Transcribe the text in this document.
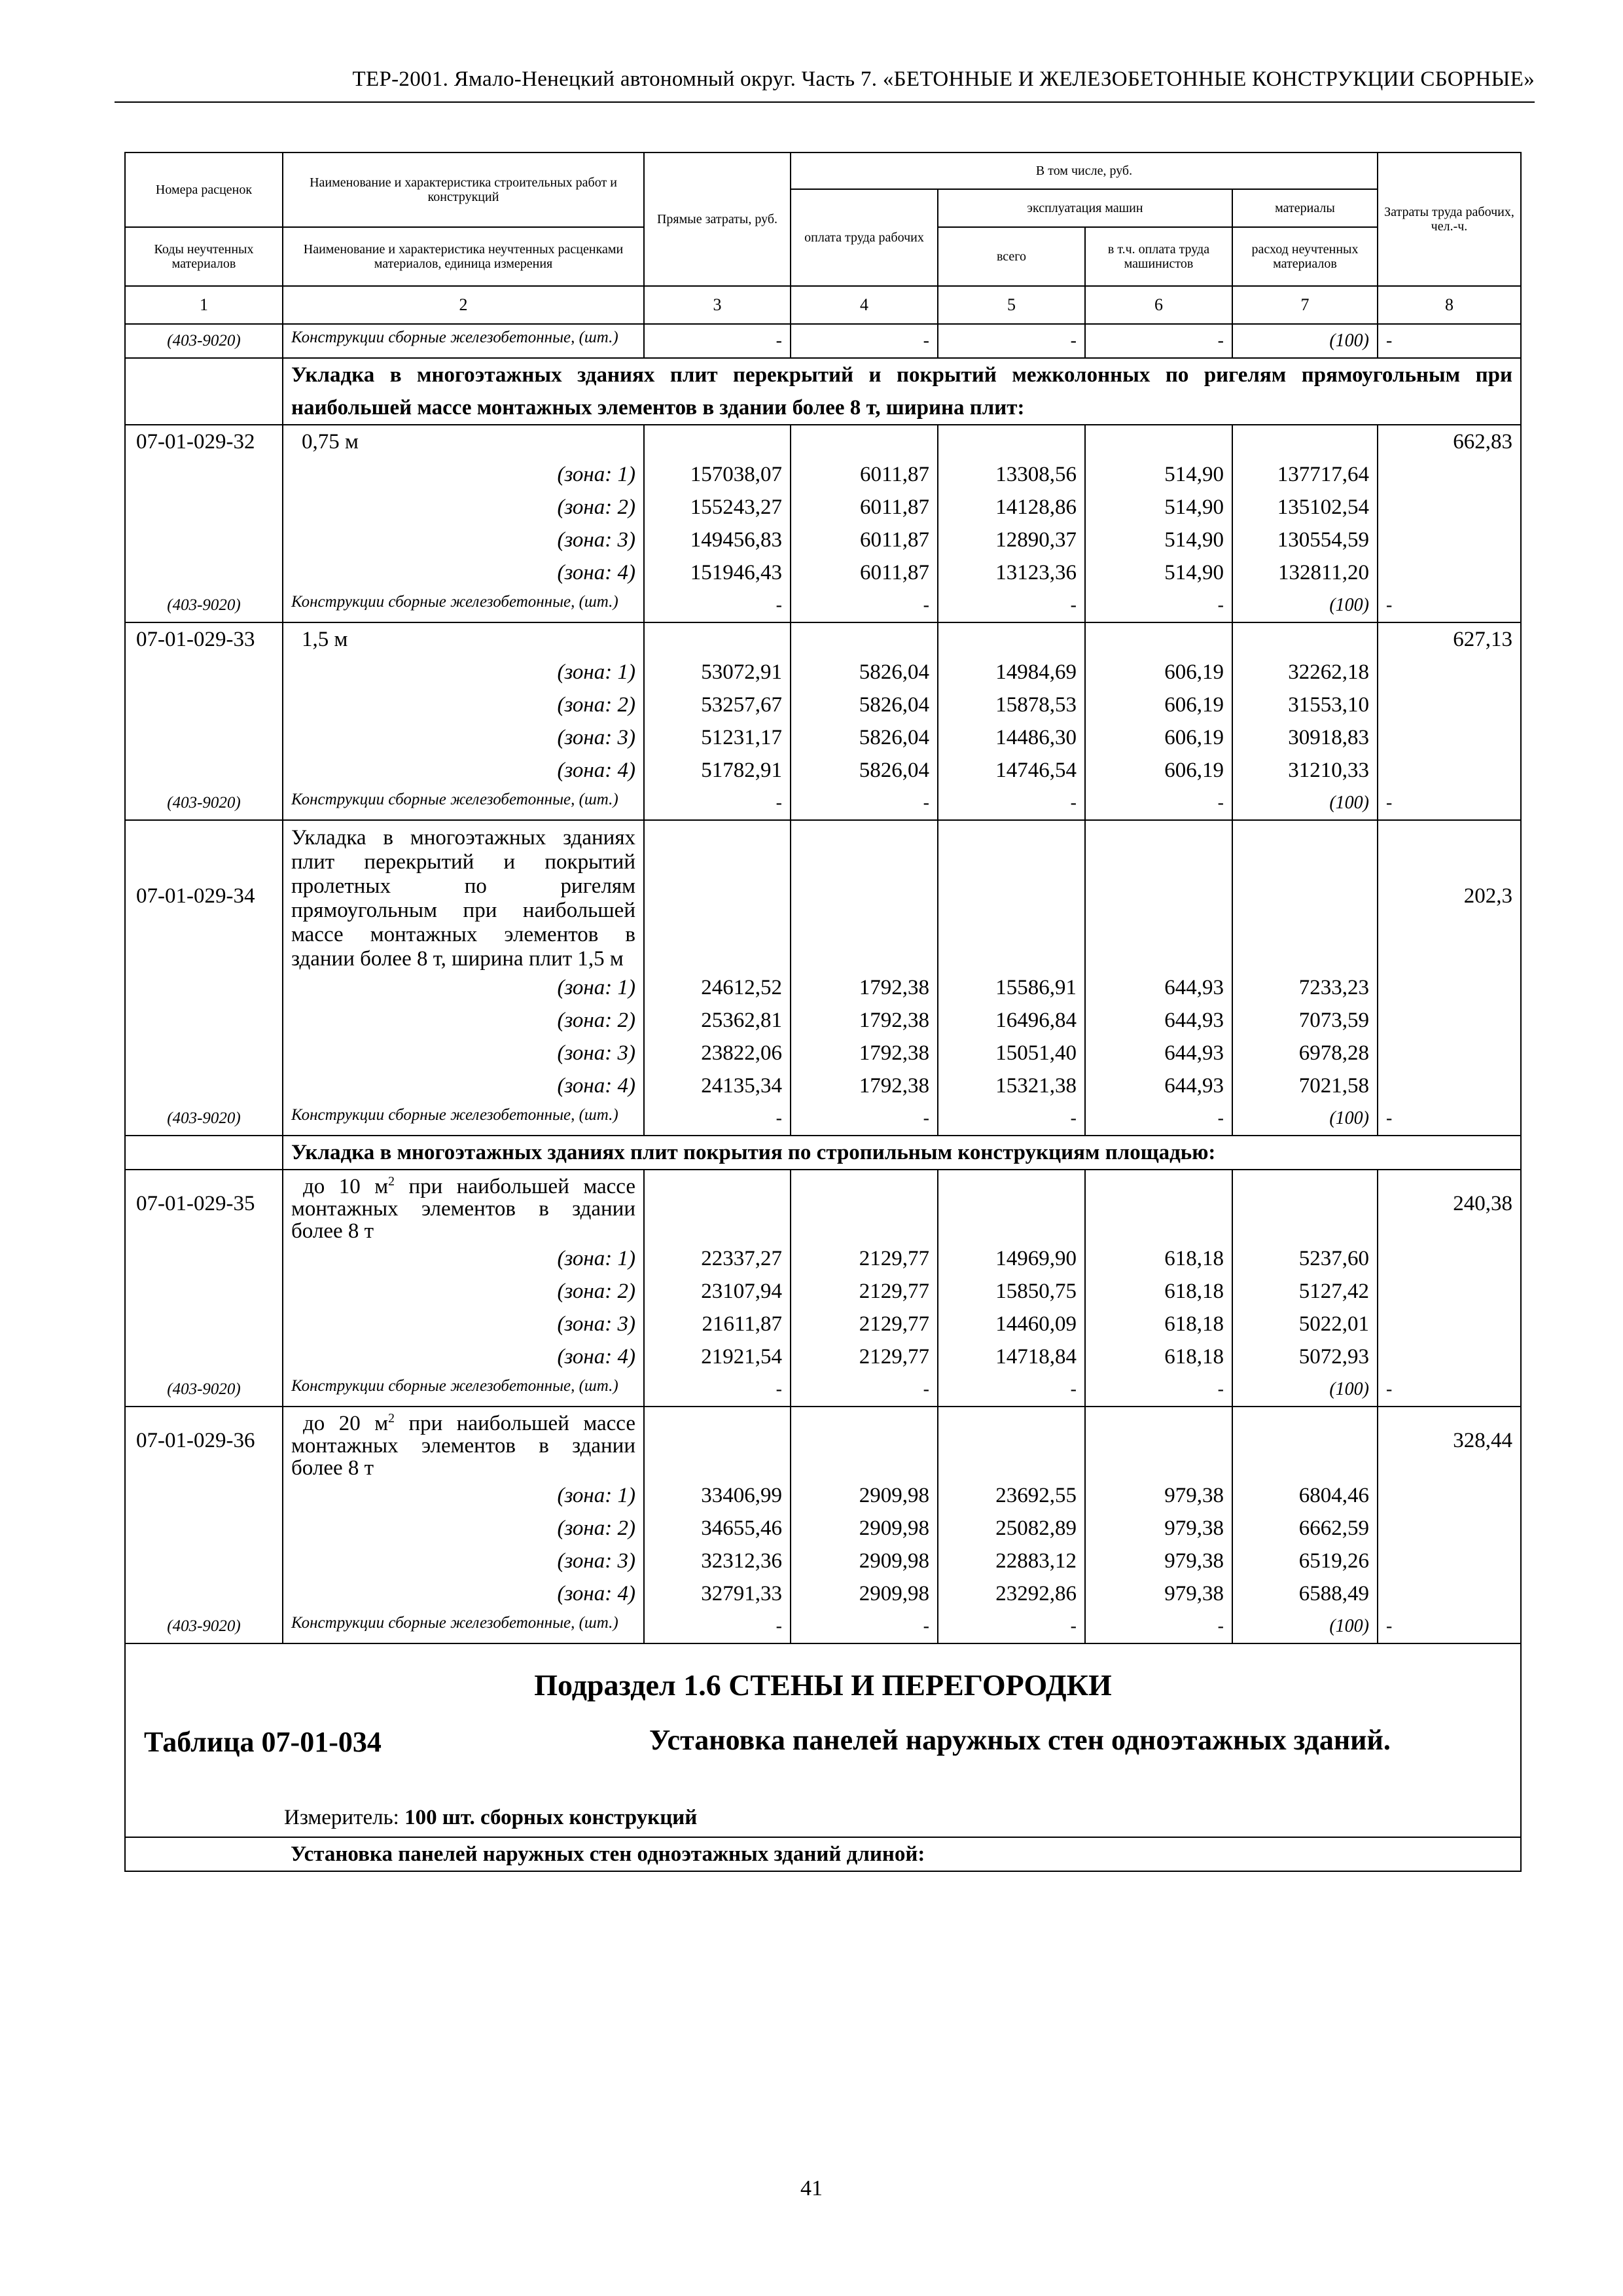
ТЕР-2001. Ямало-Ненецкий автономный округ. Часть 7. «БЕТОННЫЕ И ЖЕЛЕЗОБЕТОННЫЕ КОНСТРУКЦИИ СБОРНЫЕ»
Номера расценок	Наименование и характеристика строительных работ и конструкций	Прямые затраты, руб.	В том числе, руб.				Затраты труда рабочих, чел.-ч.
			оплата труда рабочих	эксплуатация машин		материалы	

Коды неучтенных материалов	Наименование и характеристика неучтенных расценками материалов, единица измерения			всего	в т.ч. оплата труда машинистов	расход неучтенных материалов	
1	2	3	4	5	6	7	8
(403-9020)	Конструкции сборные железобетонные, (шт.)	-	-	-	-	(100)	-
	Укладка в многоэтажных зданиях плит перекрытий и покрытий межколонных по ригелям прямоугольным при наибольшей массе монтажных элементов в здании более 8 т, ширина плит:						
07-01-029-32	0,75 м						662,83
	(зона: 1)	157038,07	6011,87	13308,56	514,90	137717,64	
	(зона: 2)	155243,27	6011,87	14128,86	514,90	135102,54	
	(зона: 3)	149456,83	6011,87	12890,37	514,90	130554,59	
	(зона: 4)	151946,43	6011,87	13123,36	514,90	132811,20	
(403-9020)	Конструкции сборные железобетонные, (шт.)	-	-	-	-	(100)	-
07-01-029-33	1,5 м						627,13
	(зона: 1)	53072,91	5826,04	14984,69	606,19	32262,18	
	(зона: 2)	53257,67	5826,04	15878,53	606,19	31553,10	
	(зона: 3)	51231,17	5826,04	14486,30	606,19	30918,83	
	(зона: 4)	51782,91	5826,04	14746,54	606,19	31210,33	
(403-9020)	Конструкции сборные железобетонные, (шт.)	-	-	-	-	(100)	-
07-01-029-34	Укладка в многоэтажных зданиях плит перекрытий и покрытий пролетных по ригелям прямоугольным при наибольшей массе монтажных элементов в здании более 8 т, ширина плит 1,5 м						202,3
	(зона: 1)	24612,52	1792,38	15586,91	644,93	7233,23	
	(зона: 2)	25362,81	1792,38	16496,84	644,93	7073,59	
	(зона: 3)	23822,06	1792,38	15051,40	644,93	6978,28	
	(зона: 4)	24135,34	1792,38	15321,38	644,93	7021,58	
(403-9020)	Конструкции сборные железобетонные, (шт.)	-	-	-	-	(100)	-
	Укладка в многоэтажных зданиях плит покрытия по стропильным конструкциям площадью:						
07-01-029-35	до 10 $м^2$ при наибольшей массе монтажных элементов в здании более 8 т						240,38
	(зона: 1)	22337,27	2129,77	14969,90	618,18	5237,60	
	(зона: 2)	23107,94	2129,77	15850,75	618,18	5127,42	
	(зона: 3)	21611,87	2129,77	14460,09	618,18	5022,01	
	(зона: 4)	21921,54	2129,77	14718,84	618,18	5072,93	
(403-9020)	Конструкции сборные железобетонные, (шт.)	-	-	-	-	(100)	-
07-01-029-36	до 20 $м^2$ при наибольшей массе монтажных элементов в здании более 8 т						328,44
	(зона: 1)	33406,99	2909,98	23692,55	979,38	6804,46	
	(зона: 2)	34655,46	2909,98	25082,89	979,38	6662,59	
	(зона: 3)	32312,36	2909,98	22883,12	979,38	6519,26	
	(зона: 4)	32791,33	2909,98	23292,86	979,38	6588,49	
(403-9020)	Конструкции сборные железобетонные, (шт.)	-	-	-	-	(100)	-

Подраздел 1.6 СТЕНЫ И ПЕРЕГОРОДКИ
Таблица 07-01-034 Установка панелей наружных стен одноэтажных зданий.
Измеритель: 100 шт. сборных конструкций							

	Установка панелей наружных стен одноэтажных зданий длиной:						
41
